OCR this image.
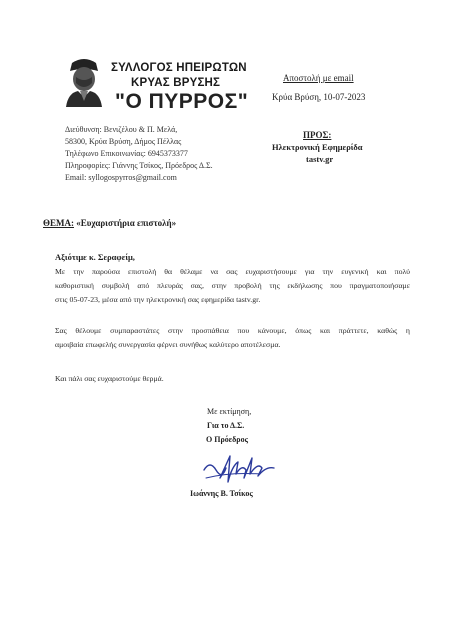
ΣΥΛΛΟΓΟΣ ΗΠΕΙΡΩΤΩΝ
ΚΡΥΑΣ ΒΡΥΣΗΣ
"Ο ΠΥΡΡΟΣ"
Αποστολή με email
Κρύα Βρύση, 10-07-2023
Διεύθυνση: Βενιζέλου & Π. Μελά,
58300, Κρύα Βρύση, Δήμος Πέλλας
Τηλέφωνο Επικοινωνίας: 6945373377
Πληροφορίες: Γιάννης Τσίκος, Πρόεδρος Δ.Σ.
Email: syllogospyrros@gmail.com
ΠΡΟΣ:
Ηλεκτρονική Εφημερίδα
tastv.gr
ΘΕΜΑ: «Ευχαριστήρια επιστολή»
Αξιότιμε κ. Σεραφείμ,
Με την παρούσα επιστολή θα θέλαμε να σας ευχαριστήσουμε για την ευγενική και πολύ
καθοριστική συμβολή από πλευράς σας, στην προβολή της εκδήλωσης που πραγματοποιήσαμε
στις 05-07-23, μέσα από την ηλεκτρονική σας εφημερίδα tastv.gr.
Σας θέλουμε συμπαραστάτες στην προσπάθεια που κάνουμε, όπως και πράττετε, καθώς η
αμοιβαία επωφελής συνεργασία φέρνει συνήθως καλύτερο αποτέλεσμα.
Και πάλι σας ευχαριστούμε θερμά.
Με εκτίμηση,
Για το Δ.Σ.
Ο Πρόεδρος
Ιωάννης Β. Τσίκος
